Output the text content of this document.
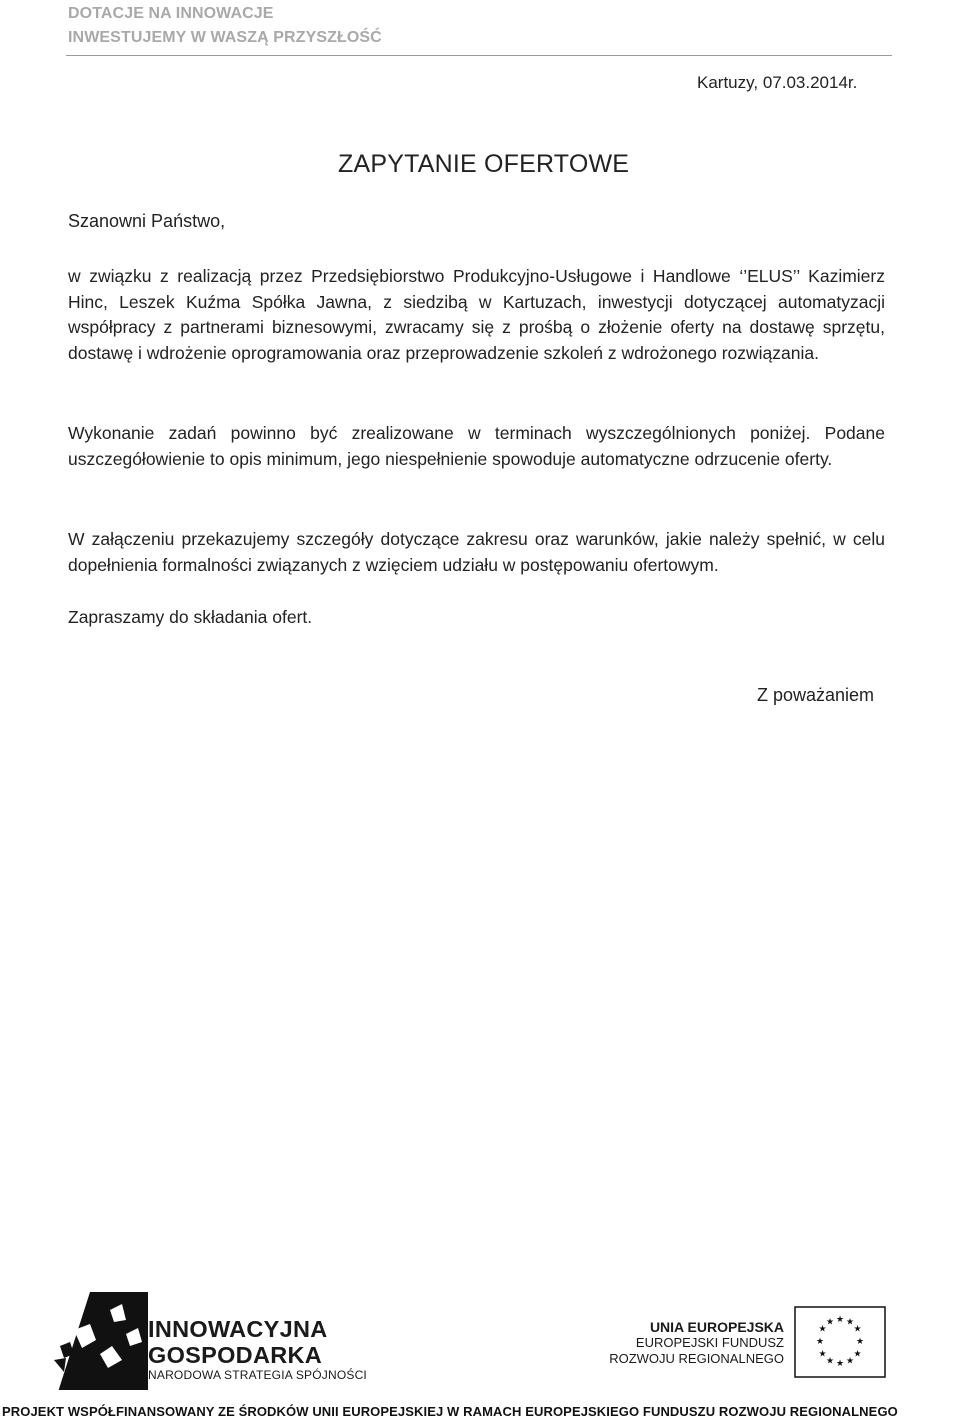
DOTACJE NA INNOWACJE
INWESTUJEMY W WASZĄ PRZYSZŁOŚĆ
Kartuzy, 07.03.2014r.
ZAPYTANIE OFERTOWE
Szanowni Państwo,

w związku z realizacją przez Przedsiębiorstwo Produkcyjno-Usługowe i Handlowe ‘’ELUS’’ Kazimierz Hinc, Leszek Kuźma Spółka Jawna, z siedzibą w Kartuzach, inwestycji dotyczącej automatyzacji współpracy z partnerami biznesowymi, zwracamy się z prośbą o złożenie oferty na dostawę sprzętu, dostawę i wdrożenie oprogramowania oraz przeprowadzenie szkoleń z wdrożonego rozwiązania.

Wykonanie zadań powinno być zrealizowane w terminach wyszczególnionych poniżej. Podane uszczegółowienie to opis minimum, jego niespełnienie spowoduje automatyczne odrzucenie oferty.

W załączeniu przekazujemy szczegóły dotyczące zakresu oraz warunków, jakie należy spełnić, w celu dopełnienia formalności związanych z wzięciem udziału w postępowaniu ofertowym.

Zapraszamy do składania ofert.

Z poważaniem
INNOWACYJNA
GOSPODARKA
NARODOWA STRATEGIA SPÓJNOŚCI
UNIA EUROPEJSKA
EUROPEJSKI FUNDUSZ
ROZWOJU REGIONALNEGO
★ ★
★
★
★
★
★
★
★
★
★
★
PROJEKT WSPÓŁFINANSOWANY ZE ŚRODKÓW UNII EUROPEJSKIEJ W RAMACH EUROPEJSKIEGO FUNDUSZU ROZWOJU REGIONALNEGO
